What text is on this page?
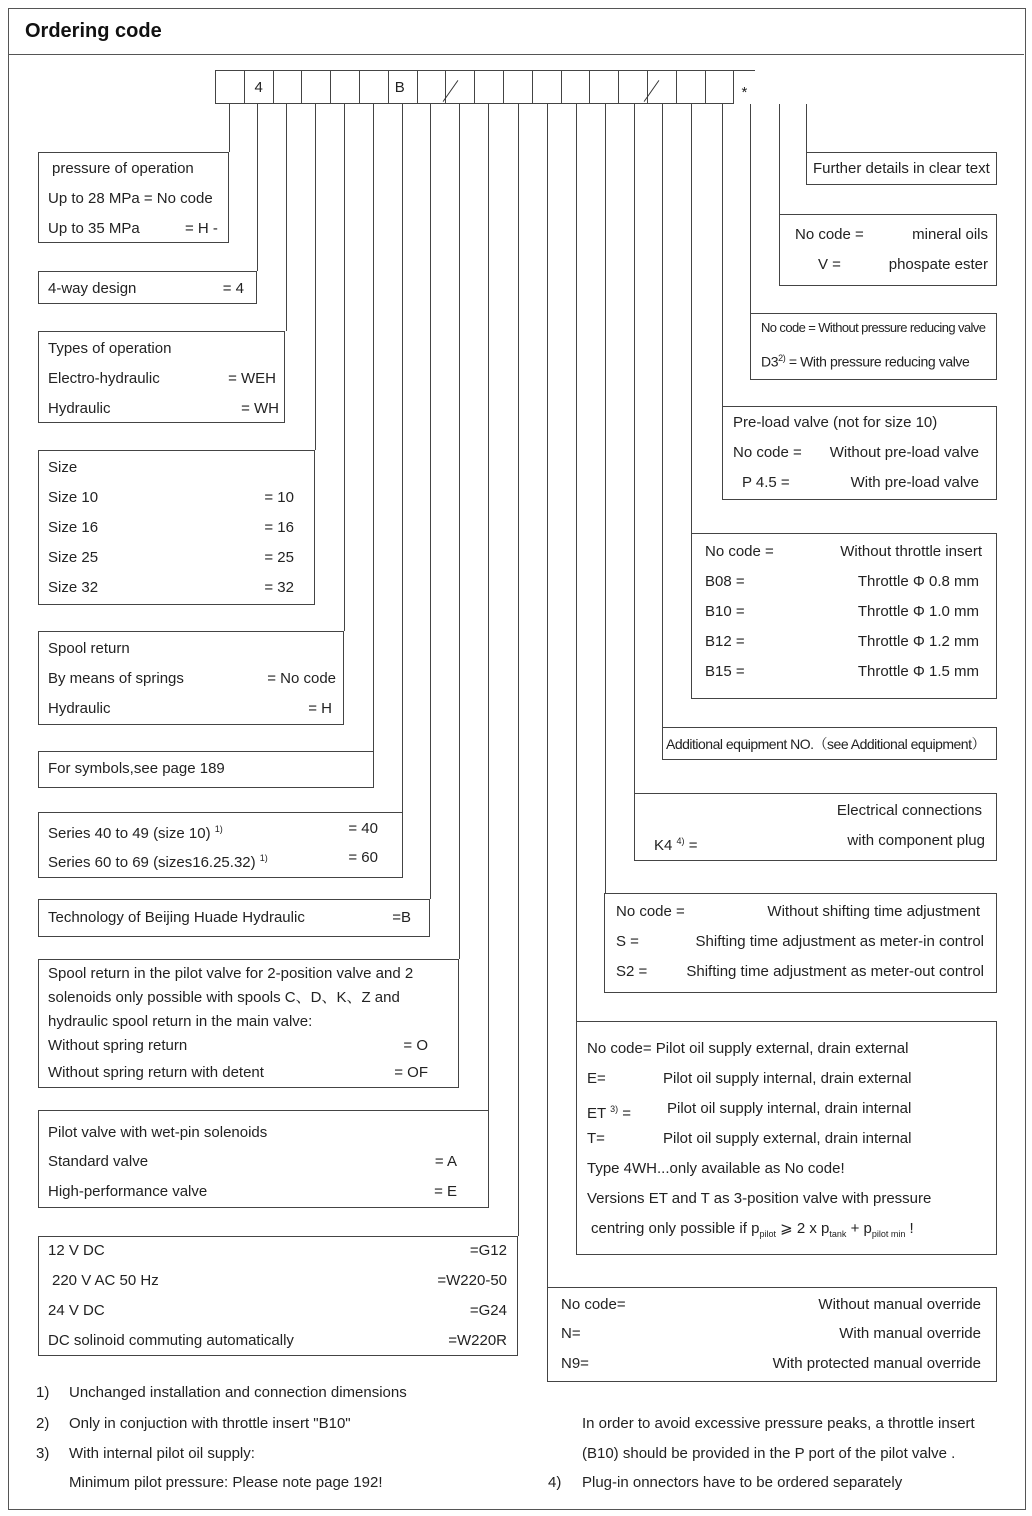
Ordering code
4	B	*
pressure of operation
Up to 28 MPa = No code
Up to 35 MPa	= H -
4-way design	= 4
Types of operation
Electro-hydraulic	= WEH
Hydraulic	= WH
Size
Size 10	= 10
Size 16	= 16
Size 25	= 25
Size 32	= 32
Spool return
By means of springs	= No code
Hydraulic	= H
For symbols,see page 189
Series 40 to 49 (size 10) $^{1)}$	= 40
Series 60 to 69 (sizes16.25.32) $^{1)}$	= 60
Technology of Beijing Huade Hydraulic	=B
Spool return in the pilot valve for 2-position valve and 2
solenoids only possible with spools C、D、K、Z and
hydraulic spool return in the main valve:
Without spring return	= O
Without spring return with detent	= OF
Pilot valve with wet-pin solenoids
Standard valve	= A
High-performance valve	= E
12 V DC	=G12
220 V AC 50 Hz	=W220-50
24 V DC	=G24
DC solinoid commuting automatically	=W220R
Further details in clear text
No code =	mineral oils
V =	phospate ester
No code = Without pressure reducing valve
$D3^{2)}$ = With pressure reducing valve
Pre-load valve (not for size 10)
No code = Without pre-load valve
P 4.5 =	With pre-load valve
No code =	Without throttle insert
B08 =	Throttle Φ 0.8 mm
B10 =	Throttle Φ 1.0 mm
B12 =	Throttle Φ 1.2 mm
B15 =	Throttle Φ 1.5 mm
Additional equipment NO.（see Additional equipment）
Electrical connections
K4 $^{4)}$ =	with component plug
No code =	Without shifting time adjustment
S =	Shifting time adjustment as meter-in control
S2 =	Shifting time adjustment as meter-out control
No code= Pilot oil supply external, drain external
E=	Pilot oil supply internal, drain external
ET $^{3)}$ = Pilot oil supply internal, drain internal
T=	Pilot oil supply external, drain internal
Type 4WH...only available as No code!
Versions ET and T as 3-position valve with pressure
centring only possible if $p_{pilot}$ ⩾ 2 x $p_{tank} + p_{pilot min}$ !
No code=	Without manual override
N=	With manual override
N9=	With protected manual override
1) Unchanged installation and connection dimensions
2) Only in conjuction with throttle insert "B10"
3) With internal pilot oil supply:
Minimum pilot pressure: Please note page 192!
In order to avoid excessive pressure peaks, a throttle insert
(B10) should be provided in the P port of the pilot valve .
4) Plug-in onnectors have to be ordered separately
